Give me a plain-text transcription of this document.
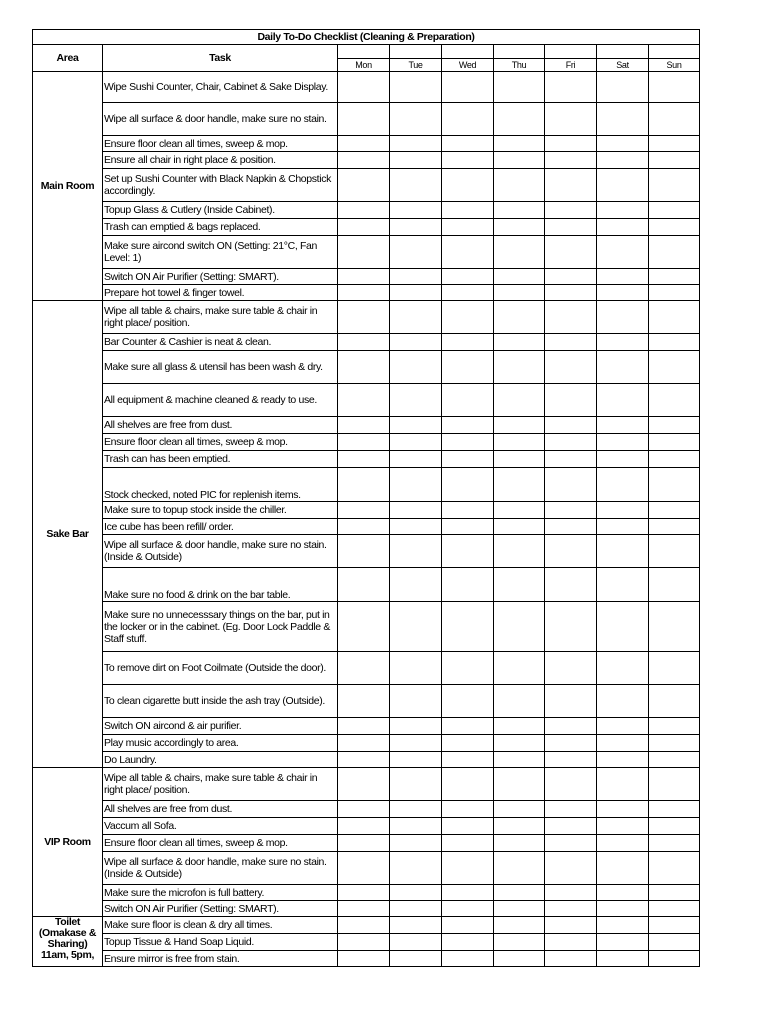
Daily To-Do Checklist (Cleaning & Preparation)								
Area	Task							
		Mon	Tue	Wed	Thu	Fri	Sat	Sun
Main Room	Wipe Sushi Counter, Chair, Cabinet & Sake Display.							
	Wipe all surface & door handle, make sure no stain.							
	Ensure floor clean all times, sweep & mop.							
	Ensure all chair in right place & position.							
	Set up Sushi Counter with Black Napkin & Chopstick accordingly.							
	Topup Glass & Cutlery (Inside Cabinet).							
	Trash can emptied & bags replaced.							
	Make sure aircond switch ON (Setting: 21°C, Fan Level: 1)							
	Switch ON Air Purifier (Setting: SMART).							
	Prepare hot towel & finger towel.							
Sake Bar	Wipe all table & chairs, make sure table & chair in right place/ position.							
	Bar Counter & Cashier is neat & clean.							
	Make sure all glass & utensil has been wash & dry.							
	All equipment & machine cleaned & ready to use.							
	All shelves are free from dust.							
	Ensure floor clean all times, sweep & mop.							
	Trash can has been emptied.							
	Stock checked, noted PIC for replenish items.							
	Make sure to topup stock inside the chiller.							
	Ice cube has been refill/ order.							
	Wipe all surface & door handle, make sure no stain. (Inside & Outside)							
	Make sure no food & drink on the bar table.							
	Make sure no unnecesssary things on the bar, put in the locker or in the cabinet. (Eg. Door Lock Paddle & Staff stuff.							
	To remove dirt on Foot Coilmate (Outside the door).							
	To clean cigarette butt inside the ash tray (Outside).							
	Switch ON aircond & air purifier.							
	Play music accordingly to area.							
	Do Laundry.							
VIP Room	Wipe all table & chairs, make sure table & chair in right place/ position.							
	All shelves are free from dust.							
	Vaccum all Sofa.							
	Ensure floor clean all times, sweep & mop.							
	Wipe all surface & door handle, make sure no stain. (Inside & Outside)							
	Make sure the microfon is full battery.							
	Switch ON Air Purifier (Setting: SMART).							
Toilet (Omakase & Sharing) 11am, 5pm,	Make sure floor is clean & dry all times.							
	Topup Tissue & Hand Soap Liquid.							
	Ensure mirror is free from stain.							
